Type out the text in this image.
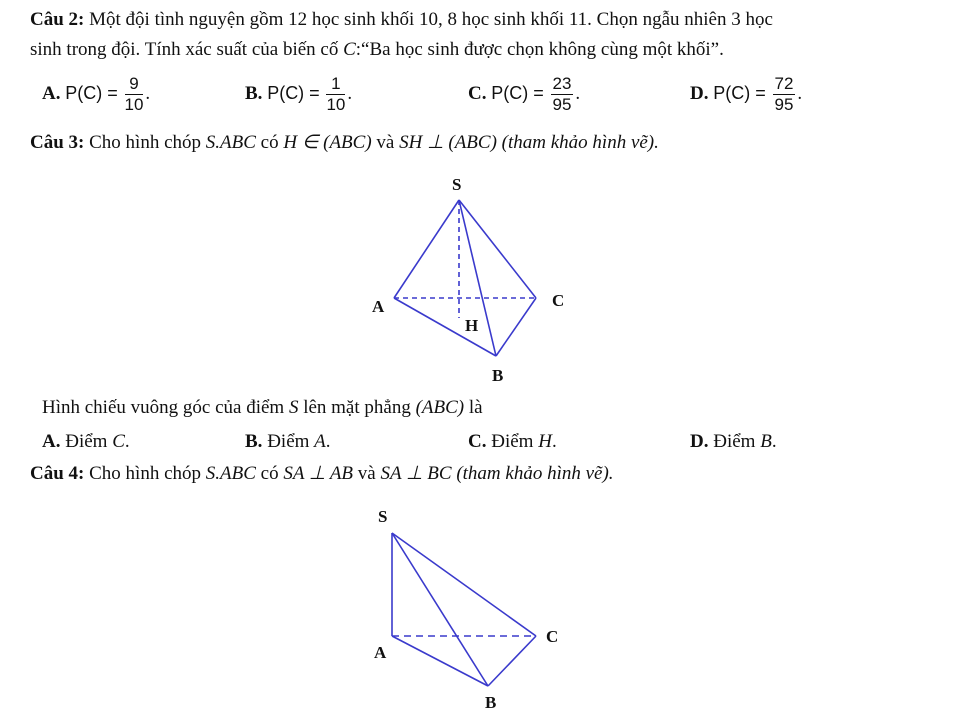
Câu 2: Một đội tình nguyện gồm 12 học sinh khối 10, 8 học sinh khối 11. Chọn ngẫu nhiên 3 học
sinh trong đội. Tính xác suất của biến cố C:“Ba học sinh được chọn không cùng một khối”.
A. $P(C) = \frac{9}{10}$ .	B. $P(C) = \frac{1}{10}$ .	C. $P(C) = \frac{23}{95}$ .	D. $P(C) = \frac{72}{95}$ .
Câu 3: Cho hình chóp S.ABC có H ∈ (ABC) và SH ⊥ (ABC) (tham khảo hình vẽ).
S
A	C
H
B
S
A
C
B
Hình chiếu vuông góc của điểm S lên mặt phẳng (ABC) là
A. Điểm C.	B. Điểm A.	C. Điểm H.	D. Điểm B.
Câu 4: Cho hình chóp S.ABC có SA ⊥ AB và SA ⊥ BC (tham khảo hình vẽ).
